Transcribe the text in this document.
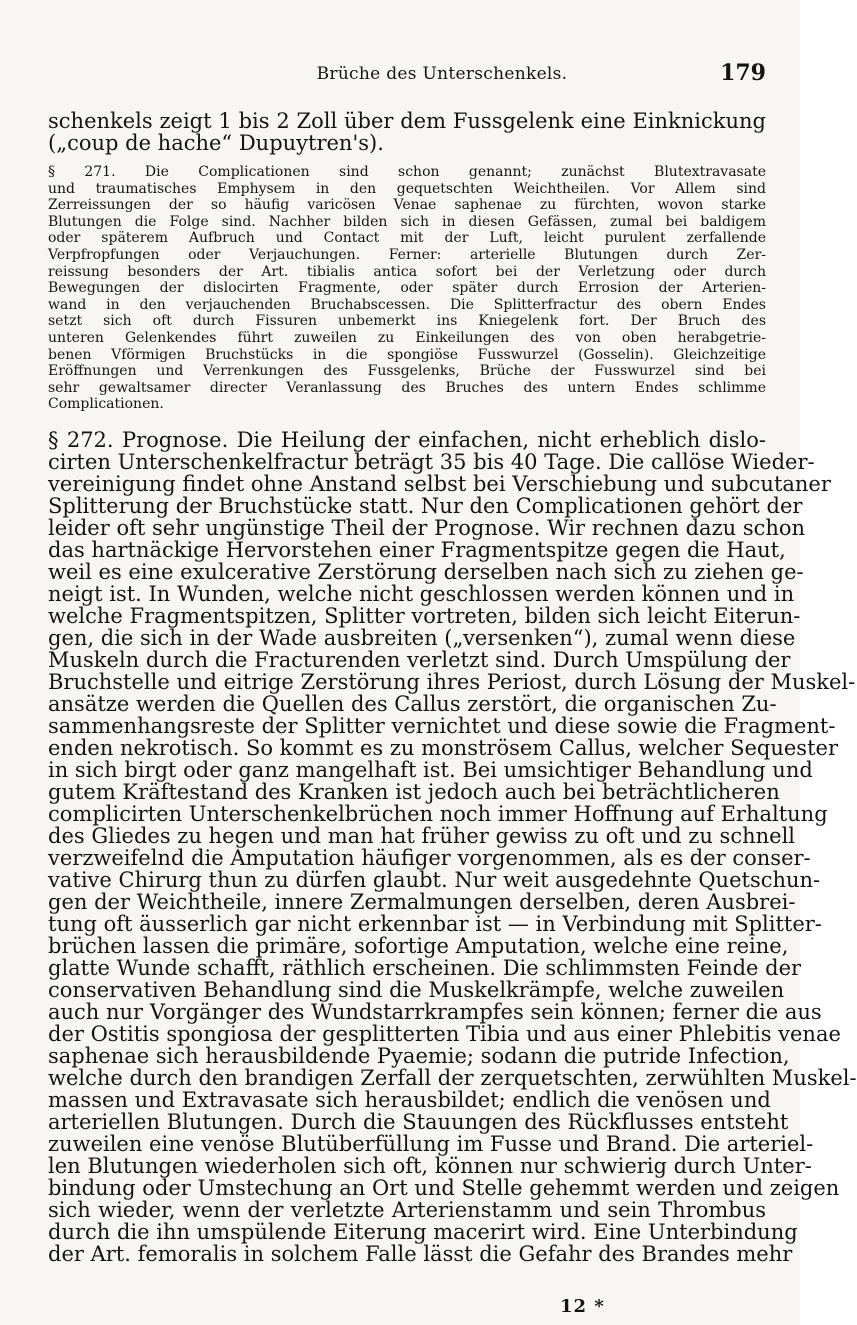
Brüche des Unterschenkels.	179
schenkels zeigt 1 bis 2 Zoll über dem Fussgelenk eine Einknickung
(„coup de hache“ Dupuytren's).
§ 271. Die Complicationen sind schon genannt; zunächst Blutextravasate
und traumatisches Emphysem in den gequetschten Weichtheilen. Vor Allem sind
Zerreissungen der so häufig varicösen Venae saphenae zu fürchten, wovon starke
Blutungen die Folge sind. Nachher bilden sich in diesen Gefässen, zumal bei baldigem
oder späterem Aufbruch und Contact mit der Luft, leicht purulent zerfallende
Verpfropfungen oder Verjauchungen. Ferner: arterielle Blutungen durch Zer-
reissung besonders der Art. tibialis antica sofort bei der Verletzung oder durch
Bewegungen der dislocirten Fragmente, oder später durch Errosion der Arterien-
wand in den verjauchenden Bruchabscessen. Die Splitterfractur des obern Endes
setzt sich oft durch Fissuren unbemerkt ins Kniegelenk fort. Der Bruch des
unteren Gelenkendes führt zuweilen zu Einkeilungen des von oben herabgetrie-
benen Vförmigen Bruchstücks in die spongiöse Fusswurzel (Gosselin). Gleichzeitige
Eröffnungen und Verrenkungen des Fussgelenks, Brüche der Fusswurzel sind bei
sehr gewaltsamer directer Veranlassung des Bruches des untern Endes schlimme
Complicationen.
§ 272. Prognose. Die Heilung der einfachen, nicht erheblich dislo-
cirten Unterschenkelfractur beträgt 35 bis 40 Tage. Die callöse Wieder-
vereinigung findet ohne Anstand selbst bei Verschiebung und subcutaner
Splitterung der Bruchstücke statt. Nur den Complicationen gehört der
leider oft sehr ungünstige Theil der Prognose. Wir rechnen dazu schon
das hartnäckige Hervorstehen einer Fragmentspitze gegen die Haut,
weil es eine exulcerative Zerstörung derselben nach sich zu ziehen ge-
neigt ist. In Wunden, welche nicht geschlossen werden können und in
welche Fragmentspitzen, Splitter vortreten, bilden sich leicht Eiterun-
gen, die sich in der Wade ausbreiten („versenken“), zumal wenn diese
Muskeln durch die Fracturenden verletzt sind. Durch Umspülung der
Bruchstelle und eitrige Zerstörung ihres Periost, durch Lösung der Muskel-
ansätze werden die Quellen des Callus zerstört, die organischen Zu-
sammenhangsreste der Splitter vernichtet und diese sowie die Fragment-
enden nekrotisch. So kommt es zu monströsem Callus, welcher Sequester
in sich birgt oder ganz mangelhaft ist. Bei umsichtiger Behandlung und
gutem Kräftestand des Kranken ist jedoch auch bei beträchtlicheren
complicirten Unterschenkelbrüchen noch immer Hoffnung auf Erhaltung
des Gliedes zu hegen und man hat früher gewiss zu oft und zu schnell
verzweifelnd die Amputation häufiger vorgenommen, als es der conser-
vative Chirurg thun zu dürfen glaubt. Nur weit ausgedehnte Quetschun-
gen der Weichtheile, innere Zermalmungen derselben, deren Ausbrei-
tung oft äusserlich gar nicht erkennbar ist — in Verbindung mit Splitter-
brüchen lassen die primäre, sofortige Amputation, welche eine reine,
glatte Wunde schafft, räthlich erscheinen. Die schlimmsten Feinde der
conservativen Behandlung sind die Muskelkrämpfe, welche zuweilen
auch nur Vorgänger des Wundstarrkrampfes sein können; ferner die aus
der Ostitis spongiosa der gesplitterten Tibia und aus einer Phlebitis venae
saphenae sich herausbildende Pyaemie; sodann die putride Infection,
welche durch den brandigen Zerfall der zerquetschten, zerwühlten Muskel-
massen und Extravasate sich herausbildet; endlich die venösen und
arteriellen Blutungen. Durch die Stauungen des Rückflusses entsteht
zuweilen eine venöse Blutüberfüllung im Fusse und Brand. Die arteriel-
len Blutungen wiederholen sich oft, können nur schwierig durch Unter-
bindung oder Umstechung an Ort und Stelle gehemmt werden und zeigen
sich wieder, wenn der verletzte Arterienstamm und sein Thrombus
durch die ihn umspülende Eiterung macerirt wird. Eine Unterbindung
der Art. femoralis in solchem Falle lässt die Gefahr des Brandes mehr
12 *
